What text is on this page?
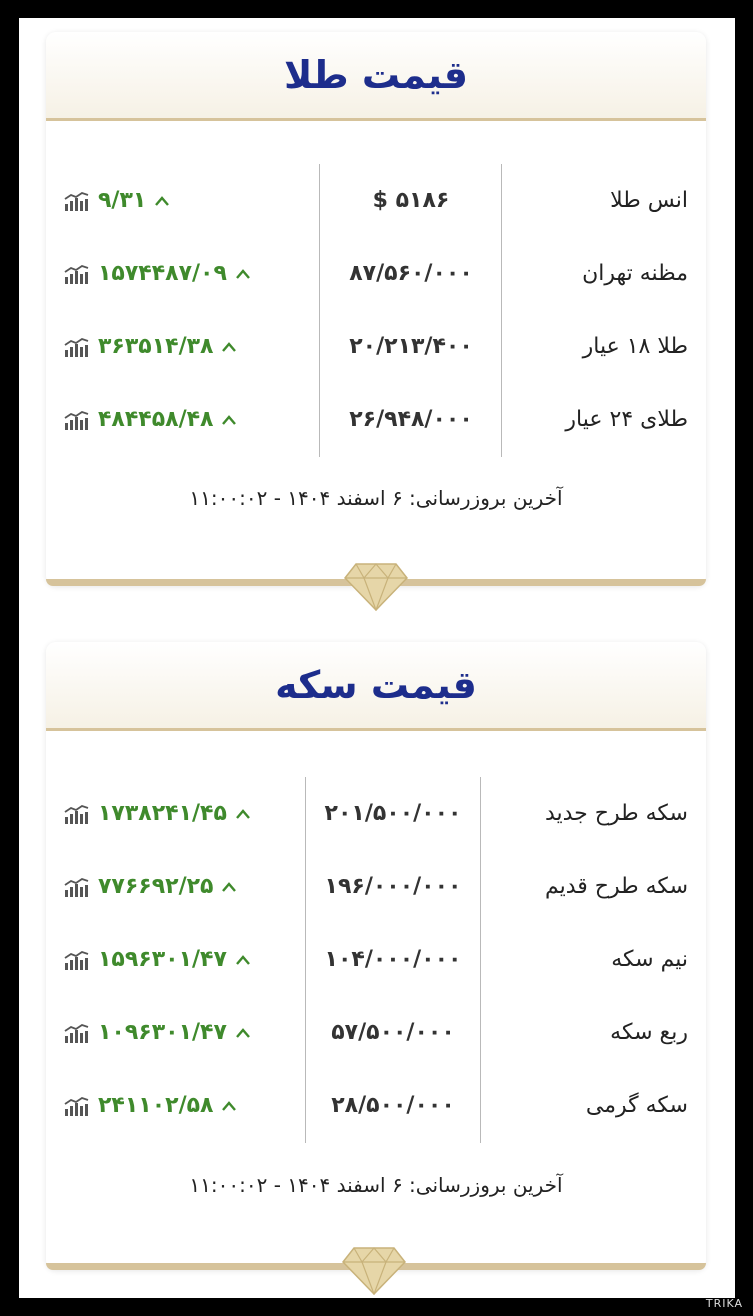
قیمت طلا
انس طلا
۵۱۸۶ $
۹/۳۱
مظنه تهران
۸۷/۵۶۰/۰۰۰
۱۵۷۴۴۸۷/۰۹
طلا ۱۸ عیار
۲۰/۲۱۳/۴۰۰
۳۶۳۵۱۴/۳۸
طلای ۲۴ عیار
۲۶/۹۴۸/۰۰۰
۴۸۴۴۵۸/۴۸
آخرین بروزرسانی: ۶ اسفند ۱۴۰۴ - ۱۱:۰۰:۰۲
قیمت سکه
سکه طرح جدید
۲۰۱/۵۰۰/۰۰۰
۱۷۳۸۲۴۱/۴۵
سکه طرح قدیم
۱۹۶/۰۰۰/۰۰۰
۷۷۶۶۹۲/۲۵
نیم سکه
۱۰۴/۰۰۰/۰۰۰
۱۵۹۶۳۰۱/۴۷
ربع سکه
۵۷/۵۰۰/۰۰۰
۱۰۹۶۳۰۱/۴۷
سکه گرمی
۲۸/۵۰۰/۰۰۰
۲۴۱۱۰۲/۵۸
آخرین بروزرسانی: ۶ اسفند ۱۴۰۴ - ۱۱:۰۰:۰۲
TRIKA
